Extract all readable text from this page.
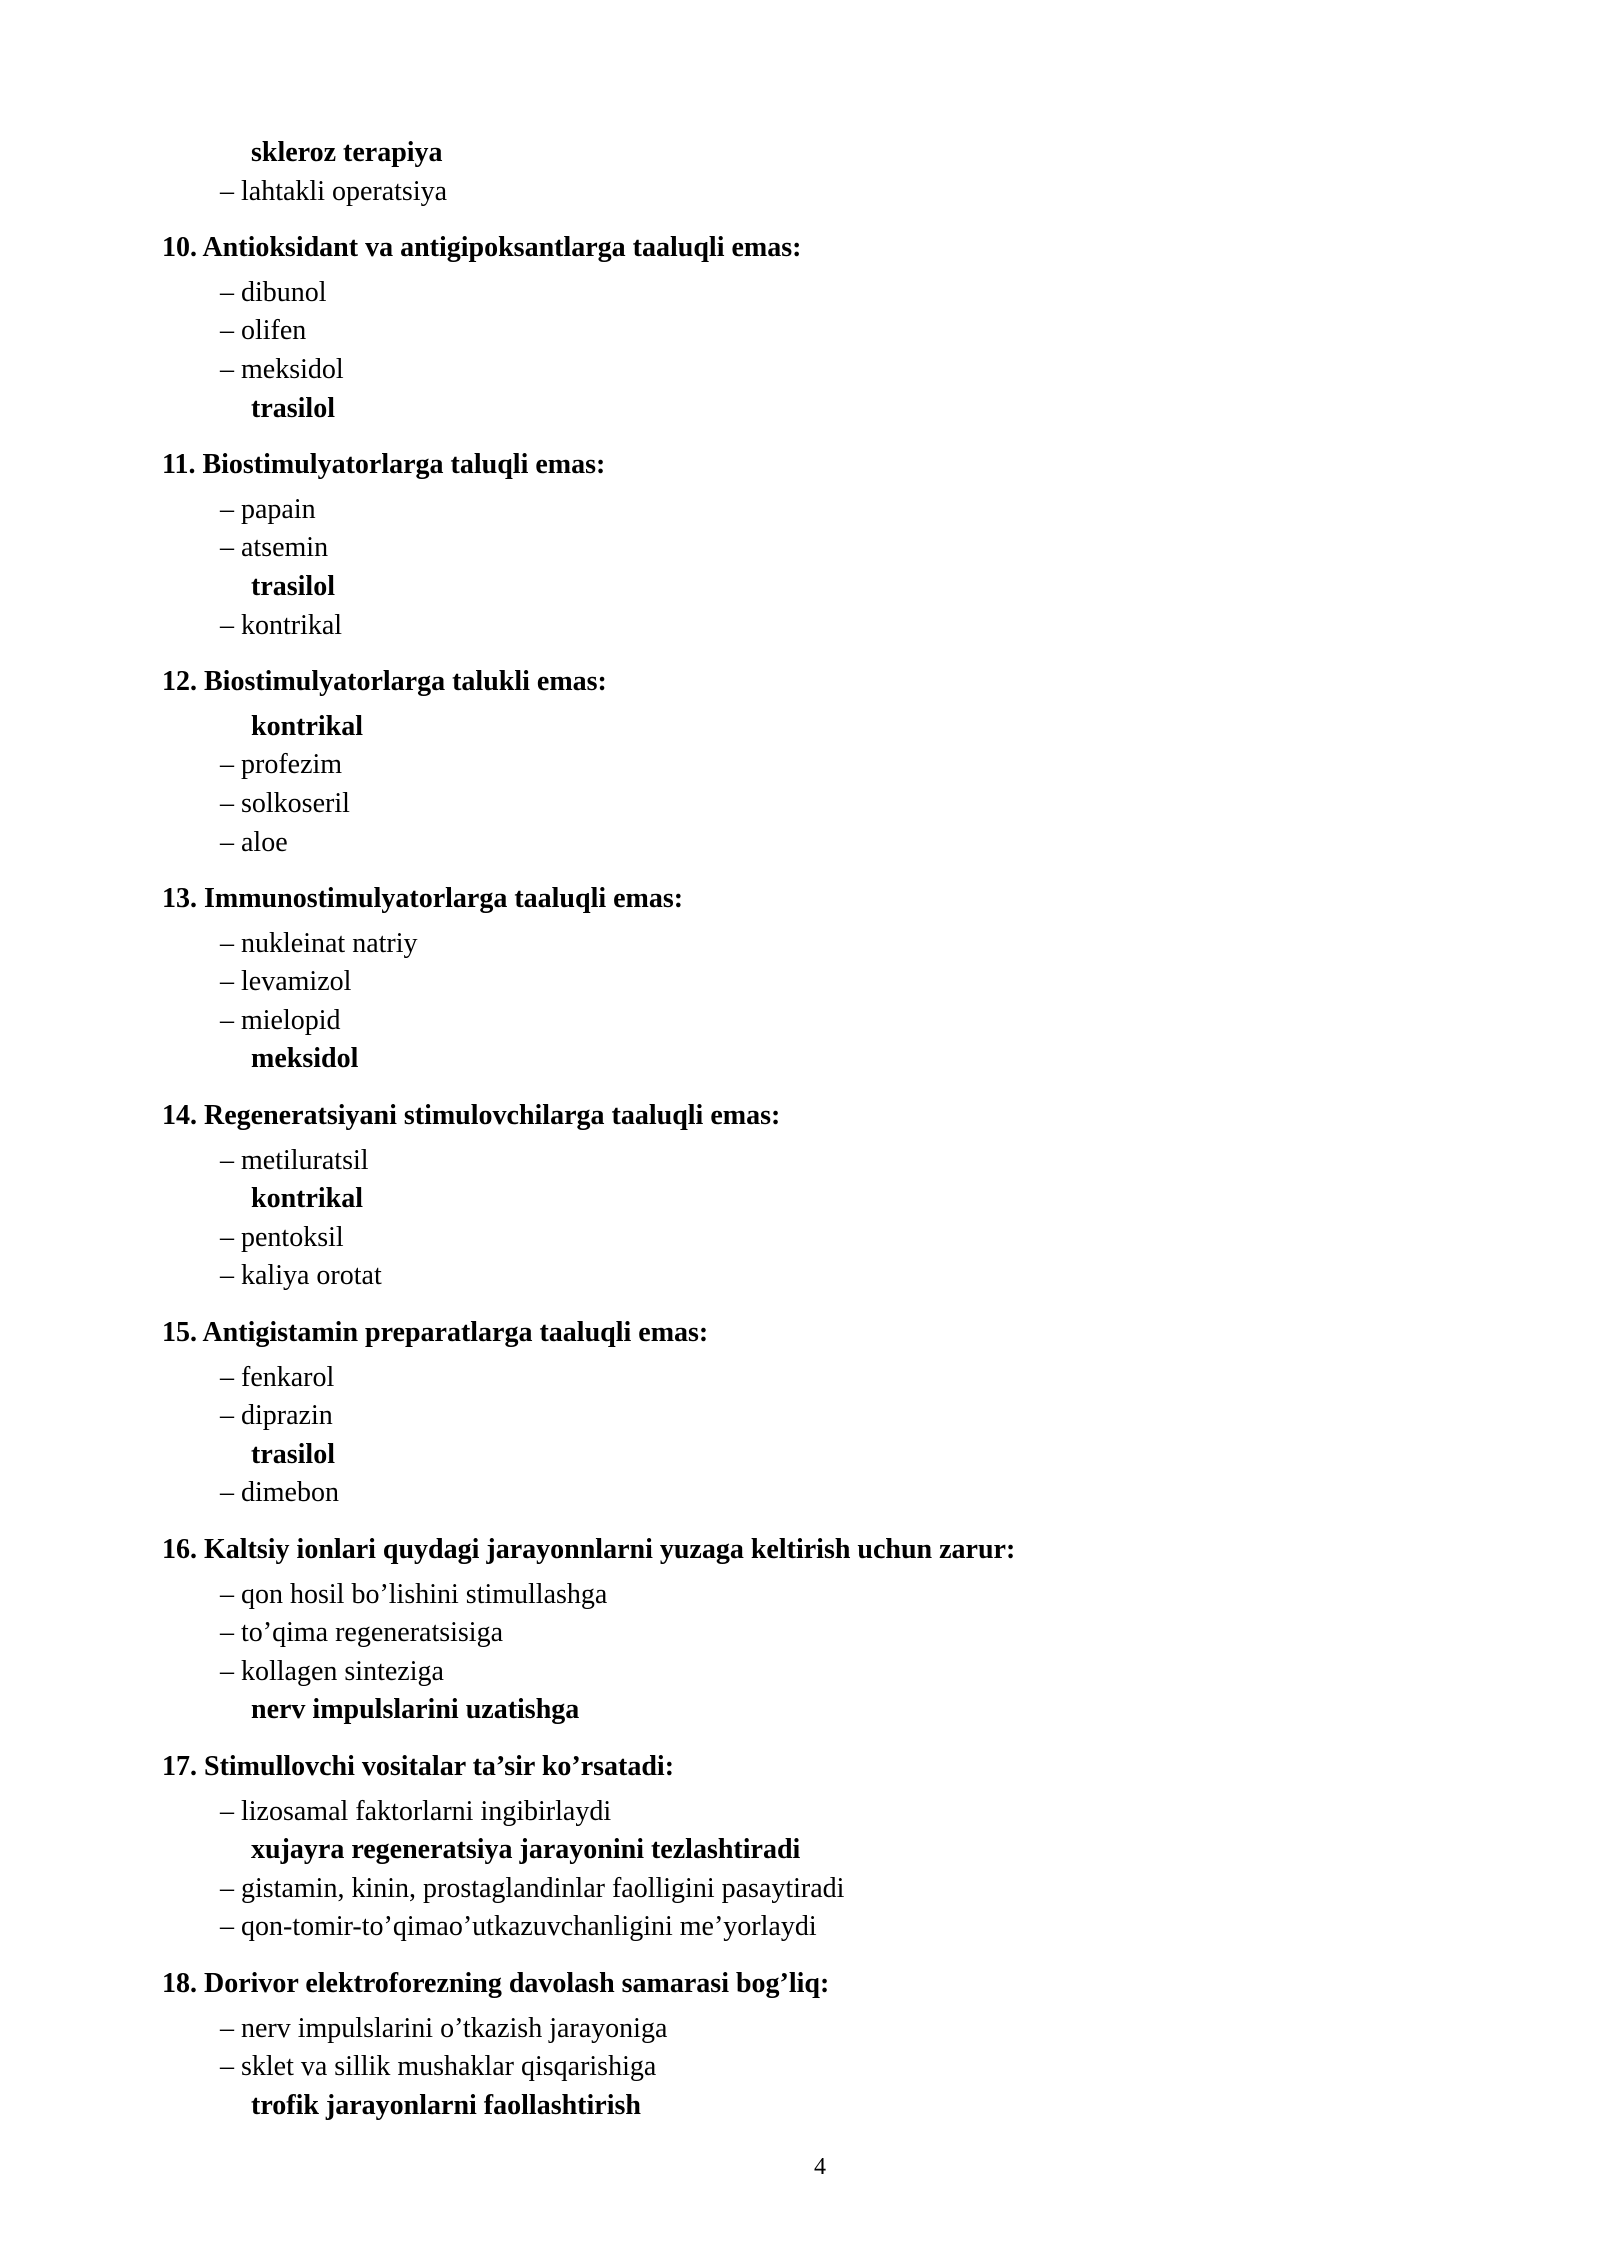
skleroz terapiya
– lahtakli operatsiya
10. Antioksidant va antigipoksantlarga taaluqli emas:
– dibunol
– olifen
– meksidol
trasilol
11. Biostimulyatorlarga taluqli emas:
– papain
– atsemin
trasilol
– kontrikal
12. Biostimulyatorlarga talukli emas:
kontrikal
– profezim
– solkoseril
– aloe
13. Immunostimulyatorlarga taaluqli emas:
– nukleinat natriy
– levamizol
– mielopid
meksidol
14. Regeneratsiyani stimulovchilarga taaluqli emas:
– metiluratsil
kontrikal
– pentoksil
– kaliya orotat
15. Antigistamin preparatlarga taaluqli emas:
– fenkarol
– diprazin
trasilol
– dimebon
16. Kaltsiy ionlari quydagi jarayonnlarni yuzaga keltirish uchun zarur:
– qon hosil bo’lishini stimullashga
– to’qima regeneratsisiga
– kollagen sinteziga
nerv impulslarini uzatishga
17. Stimullovchi vositalar ta’sir ko’rsatadi:
– lizosamal faktorlarni ingibirlaydi
xujayra regeneratsiya jarayonini tezlashtiradi
– gistamin, kinin, prostaglandinlar faolligini pasaytiradi
– qon-tomir-to’qimao’utkazuvchanligini me’yorlaydi
18. Dorivor elektroforezning davolash samarasi bog’liq:
– nerv impulslarini o’tkazish jarayoniga
– sklet va sillik mushaklar qisqarishiga
trofik jarayonlarni faollashtirish
4
